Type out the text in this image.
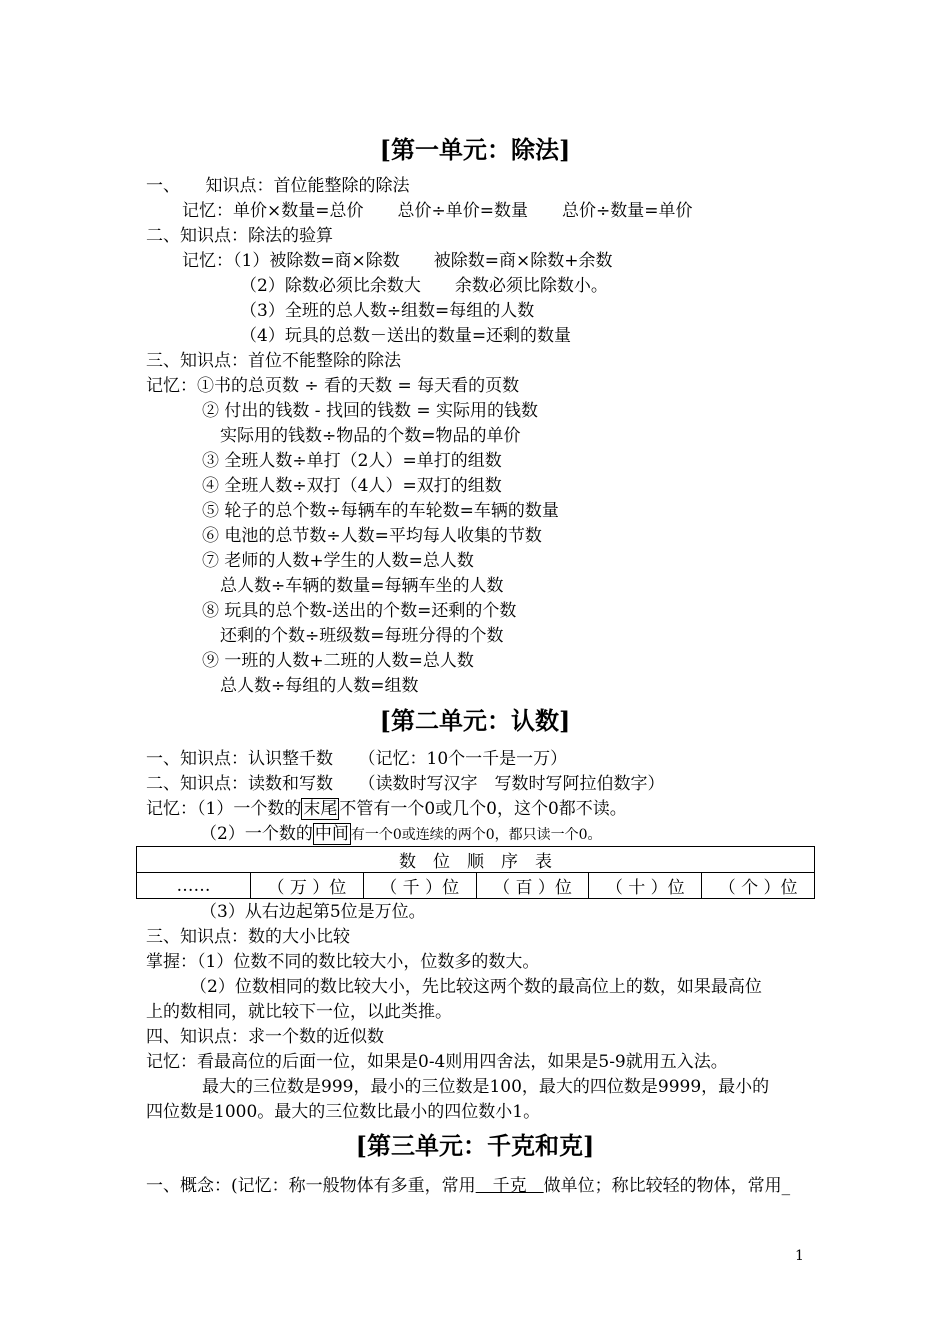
[第一单元：除法]
一、　　知识点：首位能整除的除法
记忆：单价×数量=总价　　总价÷单价=数量　　总价÷数量=单价
二、知识点：除法的验算
记忆：（1）被除数=商×除数　　被除数=商×除数+余数
（2）除数必须比余数大　　余数必须比除数小。
（3）全班的总人数÷组数=每组的人数
（4）玩具的总数－送出的数量=还剩的数量
三、知识点：首位不能整除的除法
记忆：①书的总页数 ÷ 看的天数 = 每天看的页数
② 付出的钱数 - 找回的钱数 = 实际用的钱数
实际用的钱数÷物品的个数=物品的单价
③ 全班人数÷单打（2人）=单打的组数
④ 全班人数÷双打（4人）=双打的组数
⑤ 轮子的总个数÷每辆车的车轮数=车辆的数量
⑥ 电池的总节数÷人数=平均每人收集的节数
⑦ 老师的人数+学生的人数=总人数
总人数÷车辆的数量=每辆车坐的人数
⑧ 玩具的总个数-送出的个数=还剩的个数
还剩的个数÷班级数=每班分得的个数
⑨ 一班的人数+二班的人数=总人数
总人数÷每组的人数=组数
[第二单元：认数]
一、知识点：认识整千数　　（记忆：10个一千是一万）
二、知识点：读数和写数　　（读数时写汉字　写数时写阿拉伯数字）
记忆：（1）一个数的 末尾 不管有一个0或几个0，这个0都不读。
（2）一个数的 中间 有一个0或连续的两个0，都只读一个0。
数　位　顺　序　表
……	（ 万 ）位	（ 千 ）位	（ 百 ）位	（ 十 ）位	（ 个 ）位
（3）从右边起第5位是万位。
三、知识点：数的大小比较
掌握：（1）位数不同的数比较大小，位数多的数大。
（2）位数相同的数比较大小，先比较这两个数的最高位上的数，如果最高位
上的数相同，就比较下一位，以此类推。
四、知识点：求一个数的近似数
记忆：看最高位的后面一位，如果是0-4则用四舍法，如果是5-9就用五入法。
最大的三位数是999，最小的三位数是100，最大的四位数是9999，最小的
四位数是1000。最大的三位数比最小的四位数小1。
[第三单元：千克和克]
一、概念：(记忆：称一般物体有多重，常用　千克　做单位；称比较轻的物体，常用_
1
